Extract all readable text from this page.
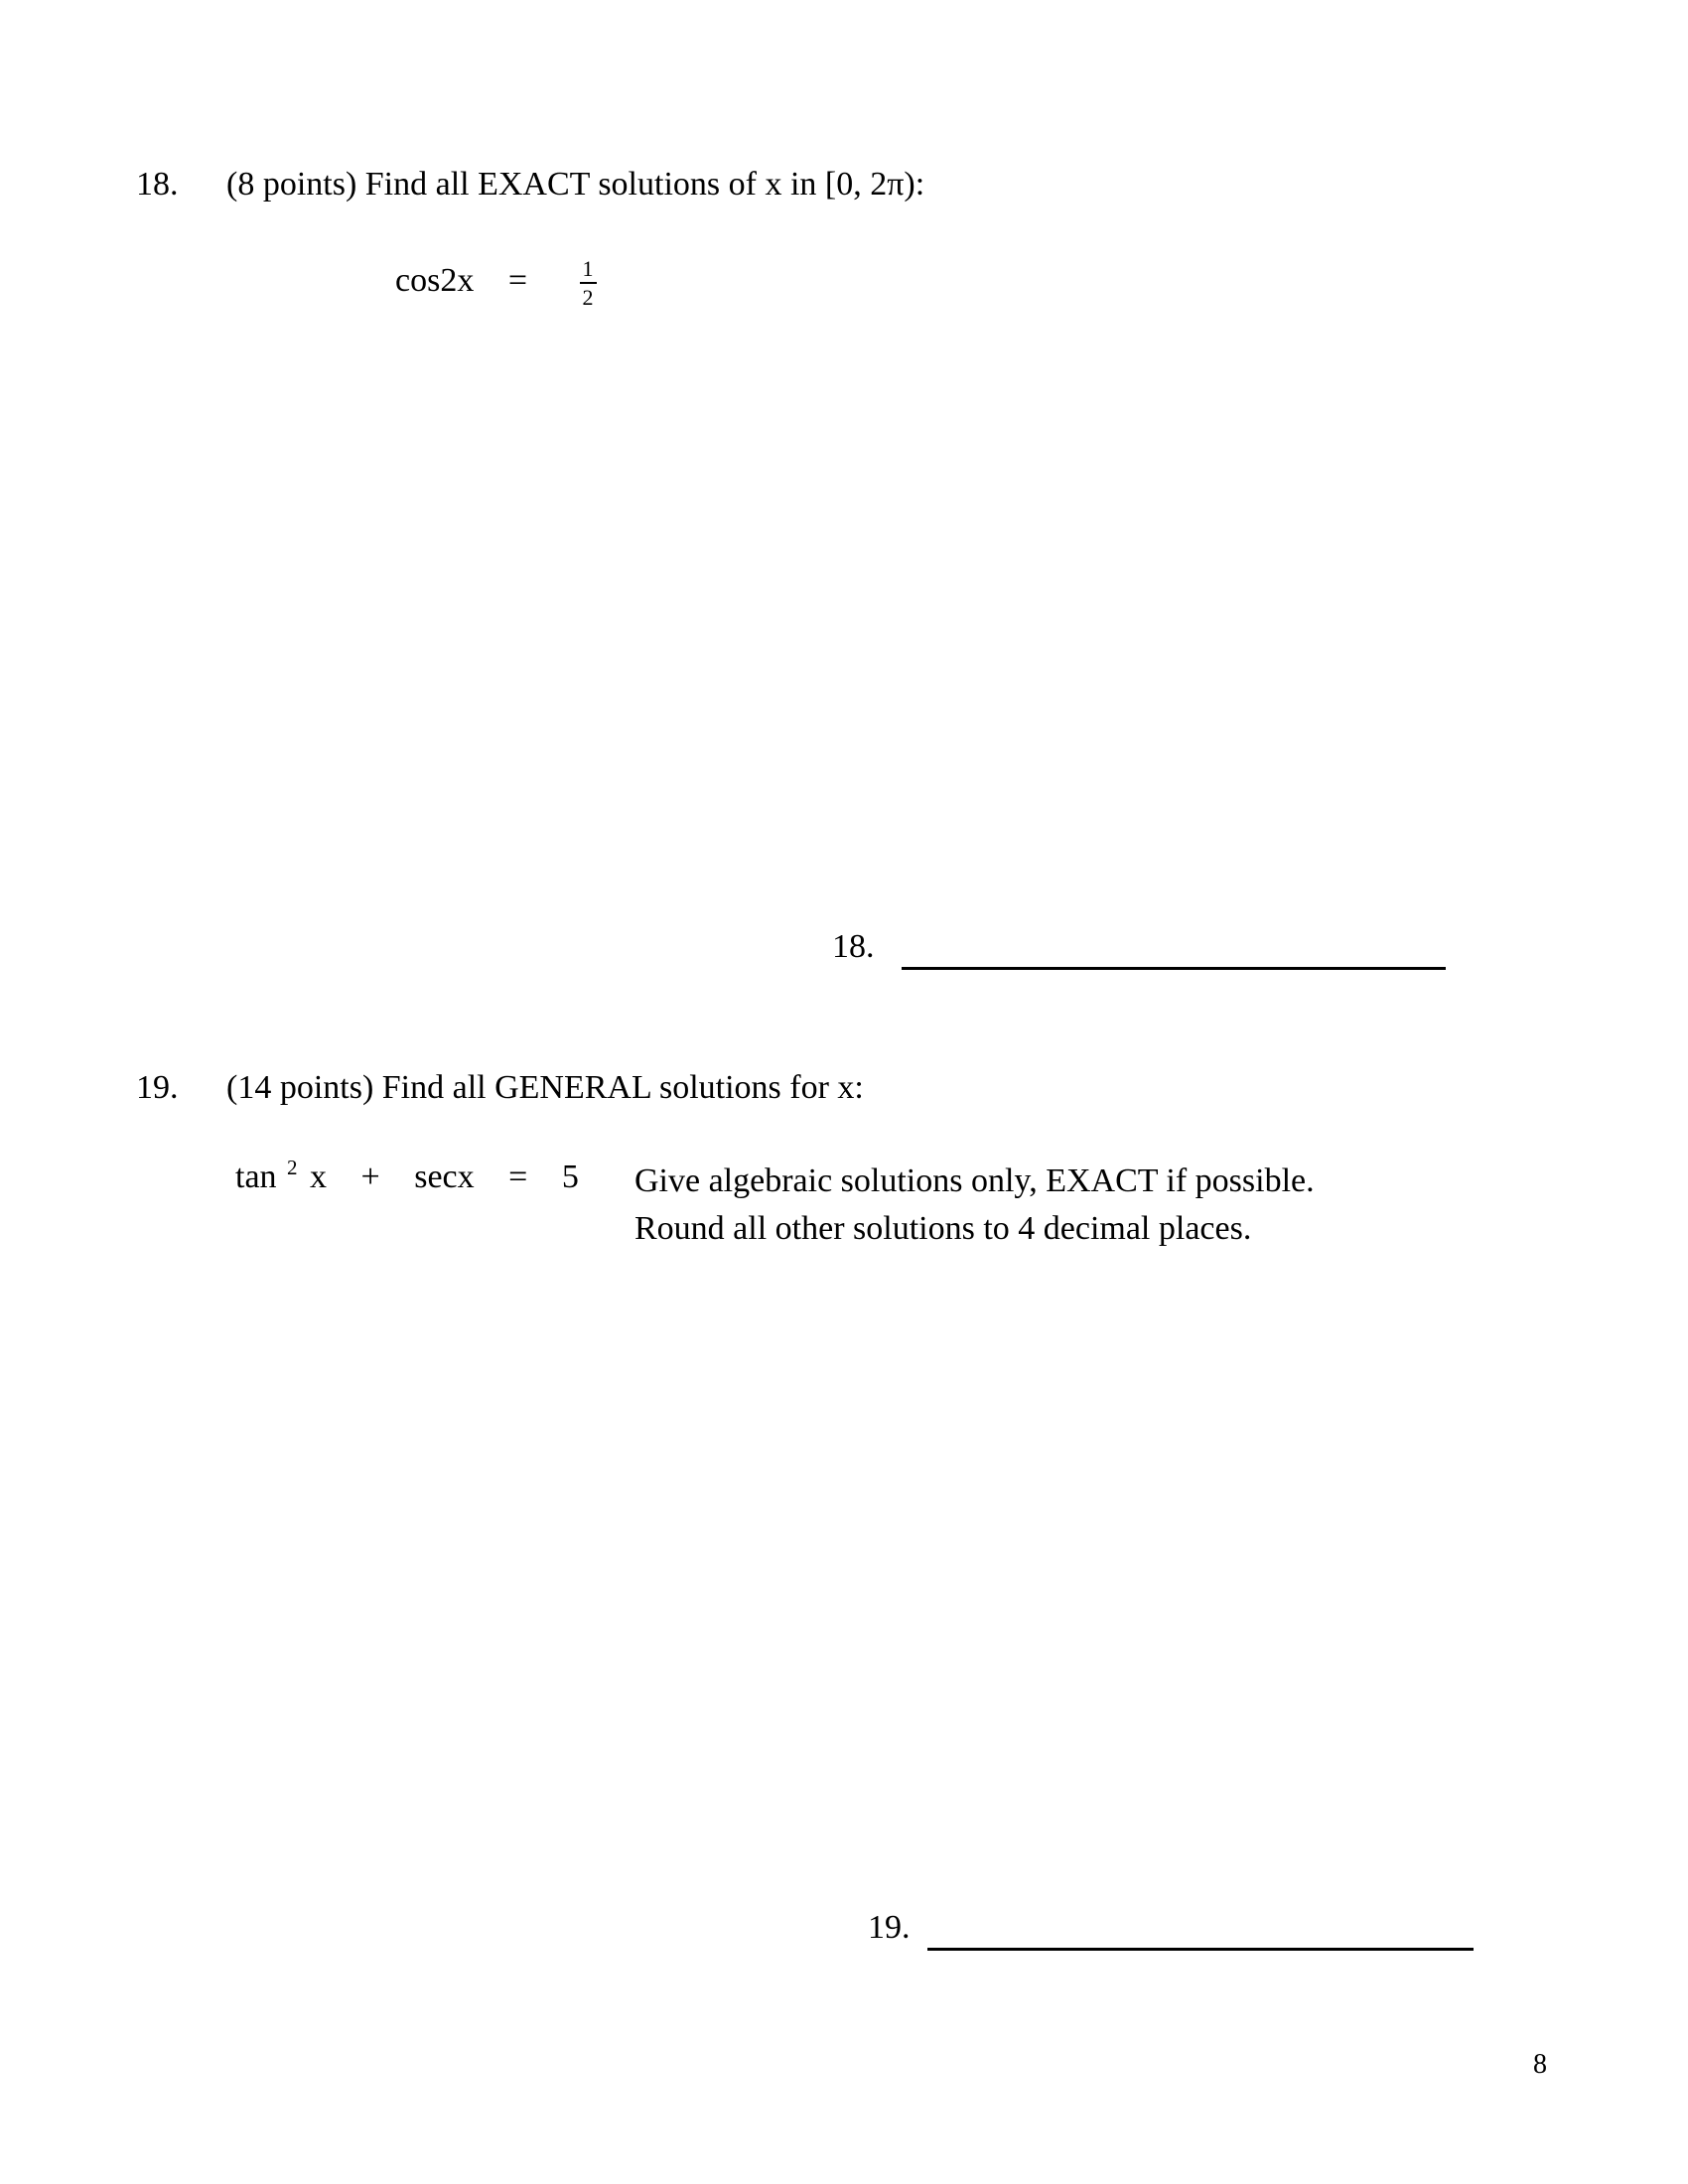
18. (8 points) Find all EXACT solutions of x in [0, 2π):
$\cos 2x = \frac{1}{2}$
18.
19. (14 points) Find all GENERAL solutions for x:
tan $^2$ x + secx = 5 Give algebraic solutions only, EXACT if possible.
Round all other solutions to 4 decimal places.
19.
8
